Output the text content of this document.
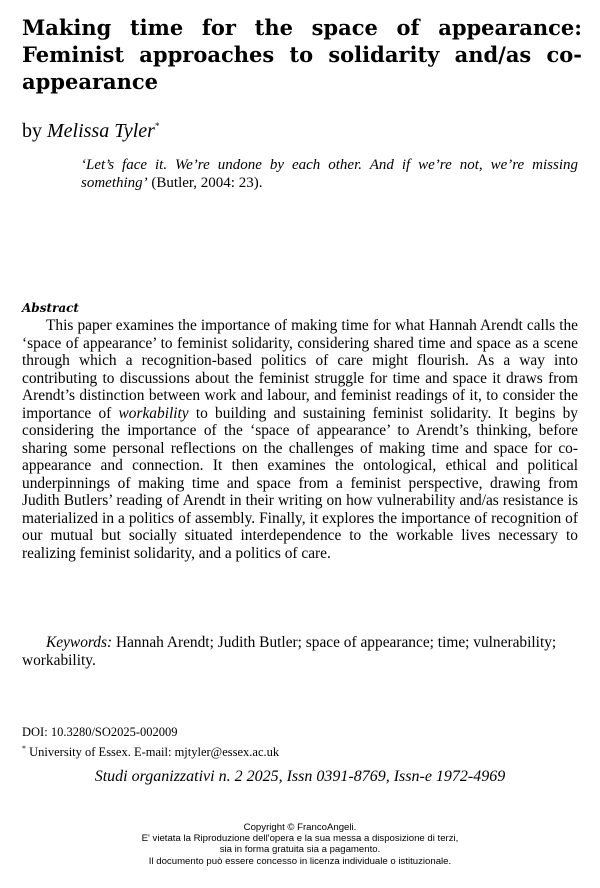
Making time for the space of appearance: Feminist approaches to solidarity and/as co-appearance

by Melissa Tyler*

‘Let’s face it. We’re undone by each other. And if we’re not, we’re missing something’ (Butler, 2004: 23).

Abstract

This paper examines the importance of making time for what Hannah Arendt calls the ‘space of appearance’ to feminist solidarity, considering shared time and space as a scene through which a recognition-based politics of care might flourish. As a way into contributing to discussions about the feminist struggle for time and space it draws from Arendt’s distinction between work and labour, and feminist readings of it, to consider the importance of workability to building and sustaining feminist solidarity. It begins by considering the importance of the ‘space of appearance’ to Arendt’s thinking, before sharing some personal reflections on the challenges of making time and space for co-appearance and connection. It then examines the ontological, ethical and political underpinnings of making time and space from a feminist perspective, drawing from Judith Butlers’ reading of Arendt in their writing on how vulnerability and/as resistance is materialized in a politics of assembly. Finally, it explores the importance of recognition of our mutual but socially situated interdependence to the workable lives necessary to realizing feminist solidarity, and a politics of care.

Keywords: Hannah Arendt; Judith Butler; space of appearance; time; vulnerability; workability.

DOI: 10.3280/SO2025-002009

* University of Essex. E-mail: mjtyler@essex.ac.uk

Studi organizzativi n. 2 2025, Issn 0391-8769, Issn-e 1972-4969

Copyright © FrancoAngeli.
E' vietata la Riproduzione dell'opera e la sua messa a disposizione di terzi,
sia in forma gratuita sia a pagamento.
Il documento può essere concesso in licenza individuale o istituzionale.
